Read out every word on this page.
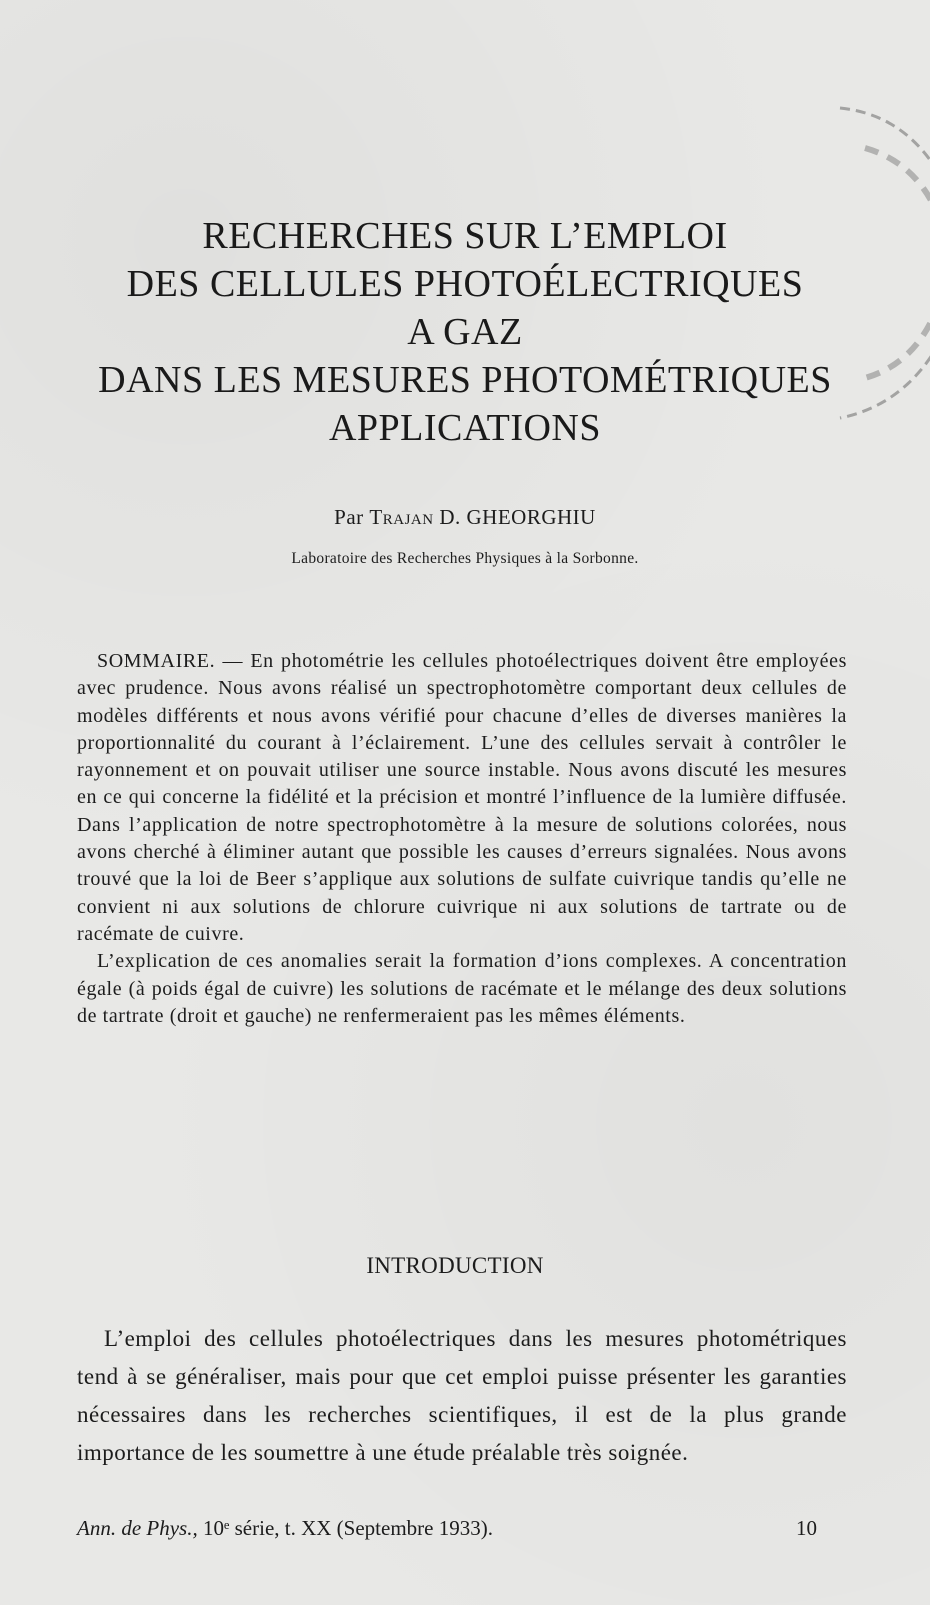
RECHERCHES SUR L’EMPLOI
DES CELLULES PHOTOÉLECTRIQUES
A GAZ
DANS LES MESURES PHOTOMÉTRIQUES
APPLICATIONS
Par Trajan D. GHEORGHIU
Laboratoire des Recherches Physiques à la Sorbonne.

SOMMAIRE. — En photométrie les cellules photoélectriques doivent être employées avec prudence. Nous avons réalisé un spectrophotomètre comportant deux cellules de modèles différents et nous avons vérifié pour chacune d’elles de diverses manières la proportionnalité du courant à l’éclairement. L’une des cellules servait à contrôler le rayonnement et on pouvait utiliser une source instable. Nous avons discuté les mesures en ce qui concerne la fidélité et la précision et montré l’influence de la lumière diffusée. Dans l’application de notre spectrophotomètre à la mesure de solutions colorées, nous avons cherché à éliminer autant que possible les causes d’erreurs signalées. Nous avons trouvé que la loi de Beer s’applique aux solutions de sulfate cuivrique tandis qu’elle ne convient ni aux solutions de chlorure cuivrique ni aux solutions de tartrate ou de racémate de cuivre.

L’explication de ces anomalies serait la formation d’ions complexes. A concentration égale (à poids égal de cuivre) les solutions de racémate et le mélange des deux solutions de tartrate (droit et gauche) ne renfermeraient pas les mêmes éléments.

INTRODUCTION

L’emploi des cellules photoélectriques dans les mesures photométriques tend à se généraliser, mais pour que cet emploi puisse présenter les garanties nécessaires dans les recherches scientifiques, il est de la plus grande importance de les soumettre à une étude préalable très soignée.

Ann. de Phys., 10ᵉ série, t. XX (Septembre 1933).	10
